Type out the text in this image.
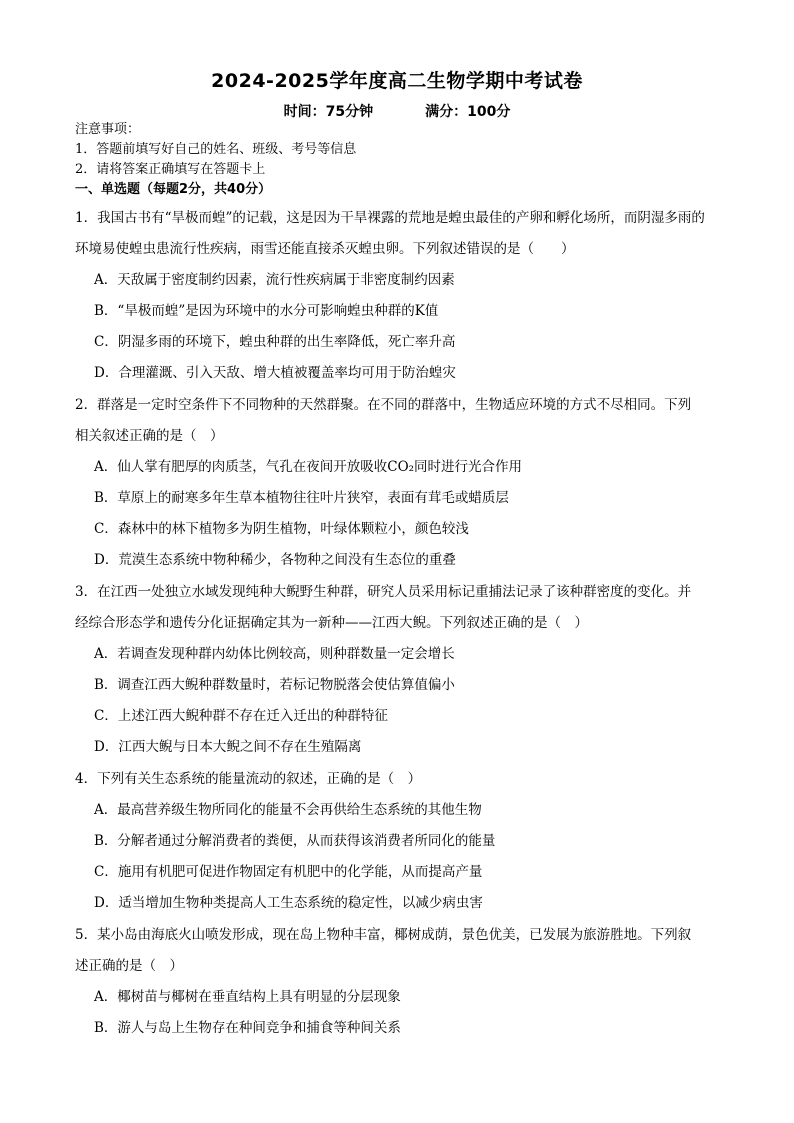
2024-2025学年度高二生物学期中考试卷
时间：75分钟	满分：100分
注意事项：
1．答题前填写好自己的姓名、班级、考号等信息
2．请将答案正确填写在答题卡上
一、单选题（每题2分，共40分）
1．我国古书有“旱极而蝗”的记载，这是因为干旱裸露的荒地是蝗虫最佳的产卵和孵化场所，而阴湿多雨的
环境易使蝗虫患流行性疾病，雨雪还能直接杀灭蝗虫卵。下列叙述错误的是（　　）
A．天敌属于密度制约因素，流行性疾病属于非密度制约因素
B．“旱极而蝗”是因为环境中的水分可影响蝗虫种群的K值
C．阴湿多雨的环境下，蝗虫种群的出生率降低，死亡率升高
D．合理灌溉、引入天敌、增大植被覆盖率均可用于防治蝗灾
2．群落是一定时空条件下不同物种的天然群聚。在不同的群落中，生物适应环境的方式不尽相同。下列
相关叙述正确的是（　）
A．仙人掌有肥厚的肉质茎，气孔在夜间开放吸收CO₂同时进行光合作用
B．草原上的耐寒多年生草本植物往往叶片狭窄，表面有茸毛或蜡质层
C．森林中的林下植物多为阴生植物，叶绿体颗粒小，颜色较浅
D．荒漠生态系统中物种稀少，各物种之间没有生态位的重叠
3．在江西一处独立水域发现纯种大鲵野生种群，研究人员采用标记重捕法记录了该种群密度的变化。并
经综合形态学和遗传分化证据确定其为一新种——江西大鲵。下列叙述正确的是（　）
A．若调查发现种群内幼体比例较高，则种群数量一定会增长
B．调查江西大鲵种群数量时，若标记物脱落会使估算值偏小
C．上述江西大鲵种群不存在迁入迁出的种群特征
D．江西大鲵与日本大鲵之间不存在生殖隔离
4．下列有关生态系统的能量流动的叙述，正确的是（　）
A．最高营养级生物所同化的能量不会再供给生态系统的其他生物
B．分解者通过分解消费者的粪便，从而获得该消费者所同化的能量
C．施用有机肥可促进作物固定有机肥中的化学能，从而提高产量
D．适当增加生物种类提高人工生态系统的稳定性，以减少病虫害
5．某小岛由海底火山喷发形成，现在岛上物种丰富，椰树成荫，景色优美，已发展为旅游胜地。下列叙
述正确的是（　）
A．椰树苗与椰树在垂直结构上具有明显的分层现象
B．游人与岛上生物存在种间竞争和捕食等种间关系
